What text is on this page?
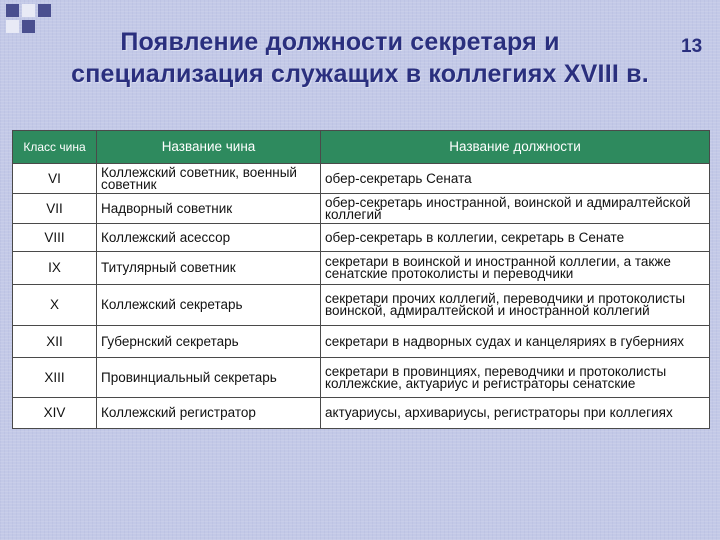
Появление должности секретаря и
специализация служащих в коллегиях XVIII в.
13
Класс чина	Название чина	Название должности
VI	Коллежский советник, военный советник	обер-секретарь Сената
VII	Надворный советник	обер-секретарь иностранной, воинской и адмиралтейской коллегий
VIII	Коллежский асессор	обер-секретарь в коллегии, секретарь в Сенате
IX	Титулярный советник	секретари в воинской и иностранной коллегии, а также сенатские протоколисты и переводчики
X	Коллежский секретарь	секретари прочих коллегий, переводчики и протоколисты воинской, адмиралтейской и иностранной коллегий
XII	Губернский секретарь	секретари в надворных судах и канцеляриях в губерниях
XIII	Провинциальный секретарь	секретари в провинциях, переводчики и протоколисты коллежские, актуариус и регистраторы сенатские
XIV	Коллежский регистратор	актуариусы, архивариусы, регистраторы при коллегиях
